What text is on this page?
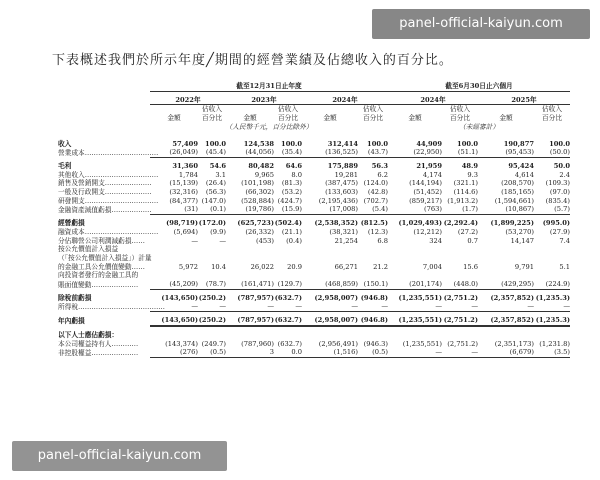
panel-official-kaiyun.com
下表概述我們於所示年度╱期間的經營業績及佔總收入的百分比。
	截至12月31日止年度						截至6月30日止六個月				

	2022年		2023年		2024年		2024年		2025年		
		佔收入		佔收入		佔收入		佔收入		佔收入	
	金額	百分比	金額	百分比	金額	百分比	金額	百分比	金額	百分比	
	（人民幣千元，百分比除外）						（未經審計）				

收入	57,409	100.0	124,538	100.0	312,414	100.0	44,909	100.0	190,877	100.0	
營業成本……………………………	(26,049)	(45.4)	(44,056)	(35.4)	(136,525)	(43.7)	(22,950)	(51.1)	(95,453)	(50.0)	

毛利	31,360	54.6	80,482	64.6	175,889	56.3	21,959	48.9	95,424	50.0	
其他收入……………………………	1,784	3.1	9,965	8.0	19,281	6.2	4,174	9.3	4,614	2.4	
銷售及營銷開支…………………	(15,139)	(26.4)	(101,198)	(81.3)	(387,475)	(124.0)	(144,194)	(321.1)	(208,570)	(109.3)	
一般及行政開支…………………	(32,316)	(56.3)	(66,302)	(53.2)	(133,603)	(42.8)	(51,452)	(114.6)	(185,165)	(97.0)	
研發開支……………………………	(84,377)	(147.0)	(528,884)	(424.7)	(2,195,436)	(702.7)	(859,217)	(1,913.2)	(1,594,661)	(835.4)	
金融資產減值虧損………………	(31)	(0.1)	(19,786)	(15.9)	(17,008)	(5.4)	(763)	(1.7)	(10,867)	(5.7)	

經營虧損	(98,719)	(172.0)	(625,723)	(502.4)	(2,538,352)	(812.5)	(1,029,493)	(2,292.4)	(1,899,225)	(995.0)	
融資成本……………………………	(5,694)	(9.9)	(26,332)	(21.1)	(38,321)	(12.3)	(12,212)	(27.2)	(53,270)	(27.9)	
分佔聯營公司利潤減虧損……	—	—	(453)	(0.4)	21,254	6.8	324	0.7	14,147	7.4	
按公允價值計入損益											
（「按公允價值計入損益」）計量											
的金融工具公允價值變動……	5,972	10.4	26,022	20.9	66,271	21.2	7,004	15.6	9,791	5.1	
向投資者發行的金融工具的											
賬面值變動…………………	(45,209)	(78.7)	(161,471)	(129.7)	(468,859)	(150.1)	(201,174)	(448.0)	(429,295)	(224.9)	

除稅前虧損	(143,650)	(250.2)	(787,957)	(632.7)	(2,958,007)	(946.8)	(1,235,551)	(2,751.2)	(2,357,852)	(1,235.3)	
所得稅…………………………………	—	—	—	—	—	—	—	—	—	—	

年內虧損	(143,650)	(250.2)	(787,957)	(632.7)	(2,958,007)	(946.8)	(1,235,551)	(2,751.2)	(2,357,852)	(1,235.3)	

以下人士應佔虧損：											
本公司權益持有人…………	(143,374)	(249.7)	(787,960)	(632.7)	(2,956,491)	(946.3)	(1,235,551)	(2,751.2)	(2,351,173)	(1,231.8)	
非控股權益…………………	(276)	(0.5)	3	0.0	(1,516)	(0.5)	—	—	(6,679)	(3.5)	
panel-official-kaiyun.com
